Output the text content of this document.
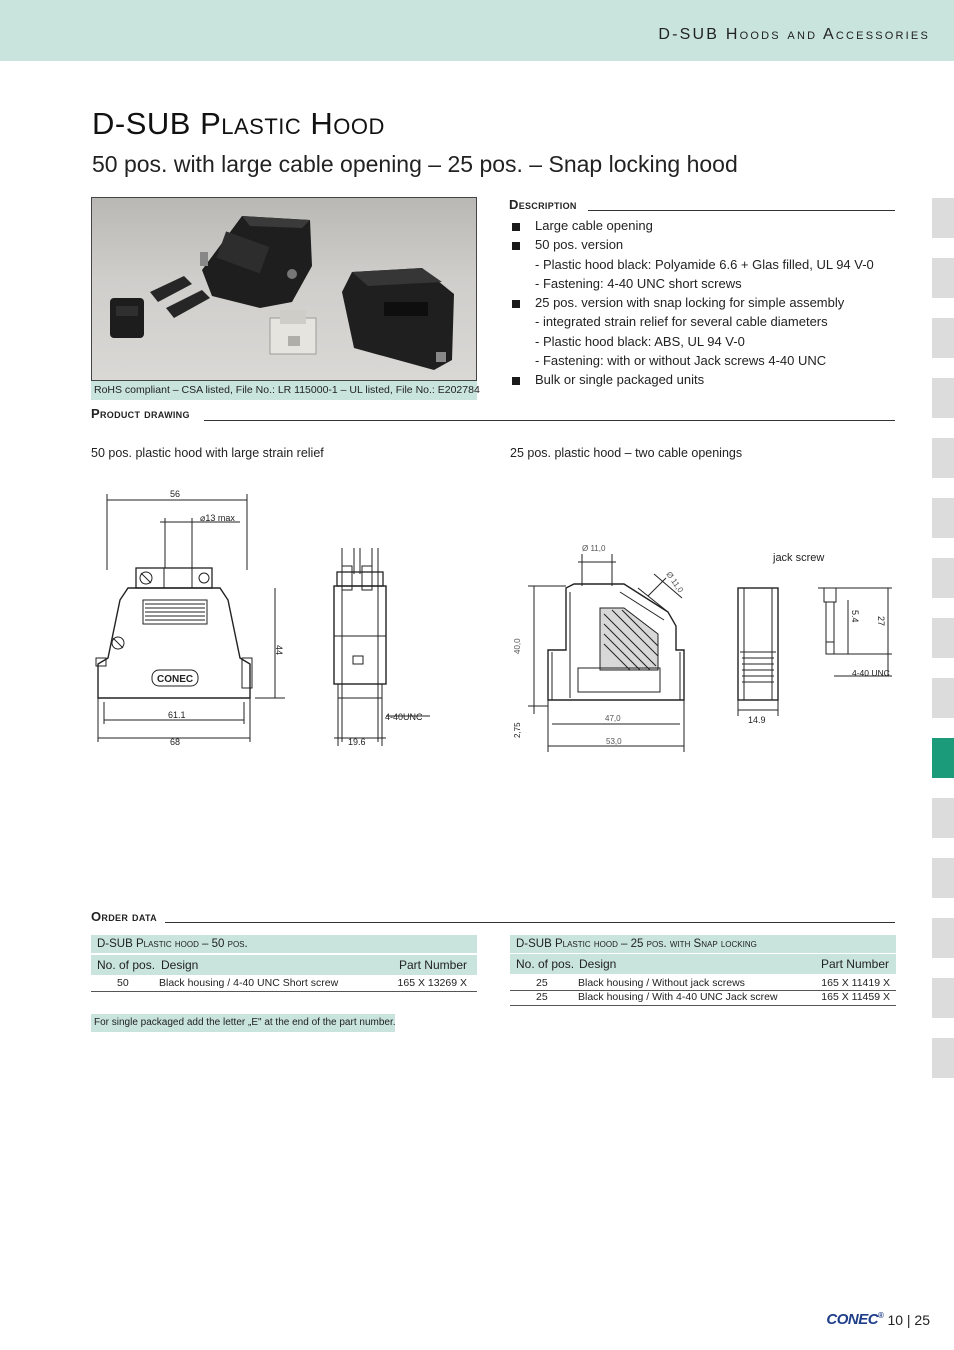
D-SUB Hoods and Accessories
D-SUB Plastic Hood
50 pos. with large cable opening – 25 pos. – Snap locking hood
RoHS compliant – CSA listed, File No.: LR 115000-1 – UL listed, File No.: E202784
Description
Large cable opening
50 pos. version
- Plastic hood black: Polyamide 6.6 + Glas filled, UL 94 V-0
- Fastening: 4-40 UNC short screws
25 pos. version with snap locking for simple assembly
- integrated strain relief for several cable diameters
- Plastic hood black: ABS, UL 94 V-0
- Fastening: with or without Jack screws 4-40 UNC
Bulk or single packaged units
Product drawing
50 pos. plastic hood with large strain relief	25 pos. plastic hood – two cable openings
56
⌀13 max
CONEC
44
61.1
68
4-40UNC
19.6
Ø 11,0
Ø 11,0
40,0
2,75
47,0
53,0
jack screw
14.9
5.4 27
4-40 UNC
Order data
D-SUB Plastic hood – 50 pos.
No. of pos. Design	Part Number
50	Black housing / 4-40 UNC Short screw	165 X 13269 X
D-SUB Plastic hood – 25 pos. with Snap locking
No. of pos. Design	Part Number
25	Black housing / Without jack screws	165 X 11419 X
25	Black housing / With 4-40 UNC Jack screw	165 X 11459 X
For single packaged add the letter „E" at the end of the part number.
CONEC® 10 | 25
